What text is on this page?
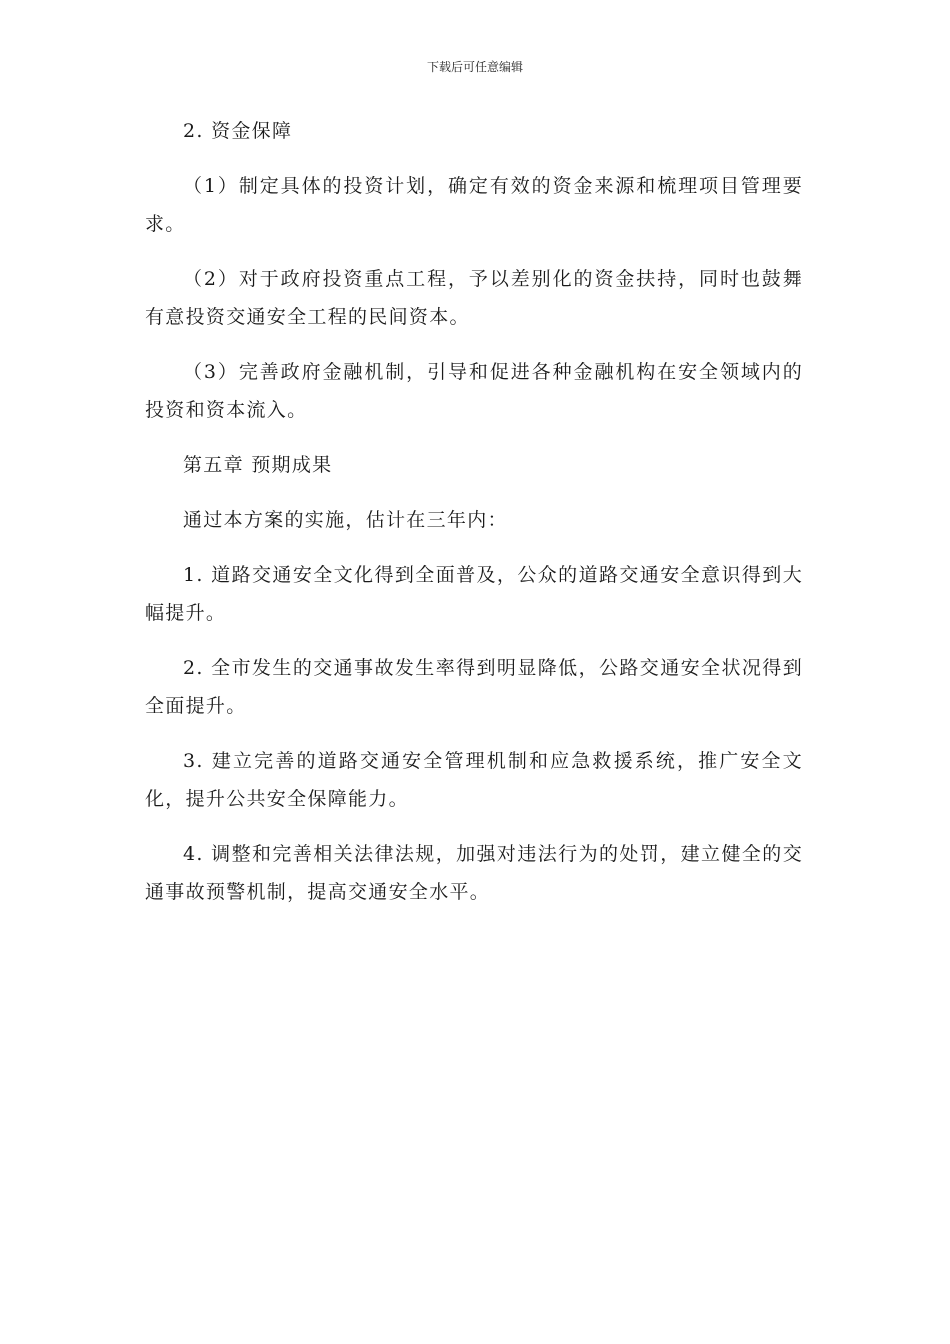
下载后可任意编辑

2. 资金保障

（1）制定具体的投资计划，确定有效的资金来源和梳理项目管理要求。

（2）对于政府投资重点工程，予以差别化的资金扶持，同时也鼓舞有意投资交通安全工程的民间资本。

（3）完善政府金融机制，引导和促进各种金融机构在安全领域内的投资和资本流入。

第五章 预期成果

通过本方案的实施，估计在三年内：

1. 道路交通安全文化得到全面普及，公众的道路交通安全意识得到大幅提升。

2. 全市发生的交通事故发生率得到明显降低，公路交通安全状况得到全面提升。

3. 建立完善的道路交通安全管理机制和应急救援系统，推广安全文化，提升公共安全保障能力。

4. 调整和完善相关法律法规，加强对违法行为的处罚，建立健全的交通事故预警机制，提高交通安全水平。
